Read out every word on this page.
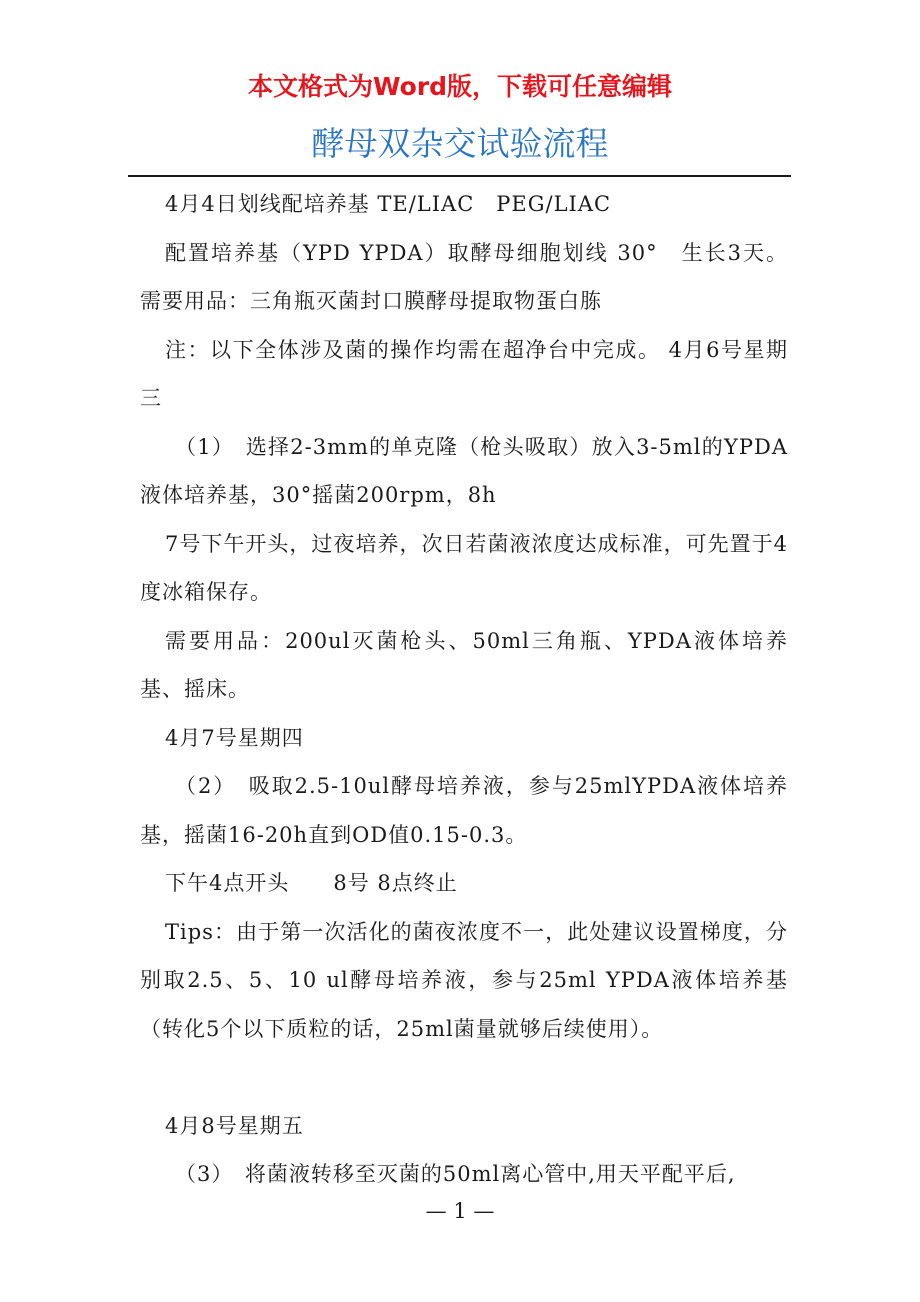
本文格式为Word版，下载可任意编辑
酵母双杂交试验流程

4月4日划线配培养基 TE/LIAC　PEG/LIAC

配置培养基（YPD YPDA）取酵母细胞划线 30°　生长3天。 需要用品：三角瓶灭菌封口膜酵母提取物蛋白胨

注：以下全体涉及菌的操作均需在超净台中完成。 4月6号星期三

（1）　选择2-3mm的单克隆（枪头吸取）放入3-5ml的YPDA液体培养基，30°摇菌200rpm，8h

7号下午开头，过夜培养，次日若菌液浓度达成标准，可先置于4度冰箱保存。

需要用品：200ul灭菌枪头、50ml三角瓶、YPDA液体培养基、摇床。

4月7号星期四

（2）　吸取2.5-10ul酵母培养液，参与25mlYPDA液体培养基，摇菌16-20h直到OD值0.15-0.3。

下午4点开头　　8号 8点终止

Tips：由于第一次活化的菌夜浓度不一，此处建议设置梯度，分别取2.5、5、10 ul酵母培养液，参与25ml YPDA液体培养基（转化5个以下质粒的话，25ml菌量就够后续使用）。

4月8号星期五

（3）　将菌液转移至灭菌的50ml离心管中,用天平配平后,

— 1 —
